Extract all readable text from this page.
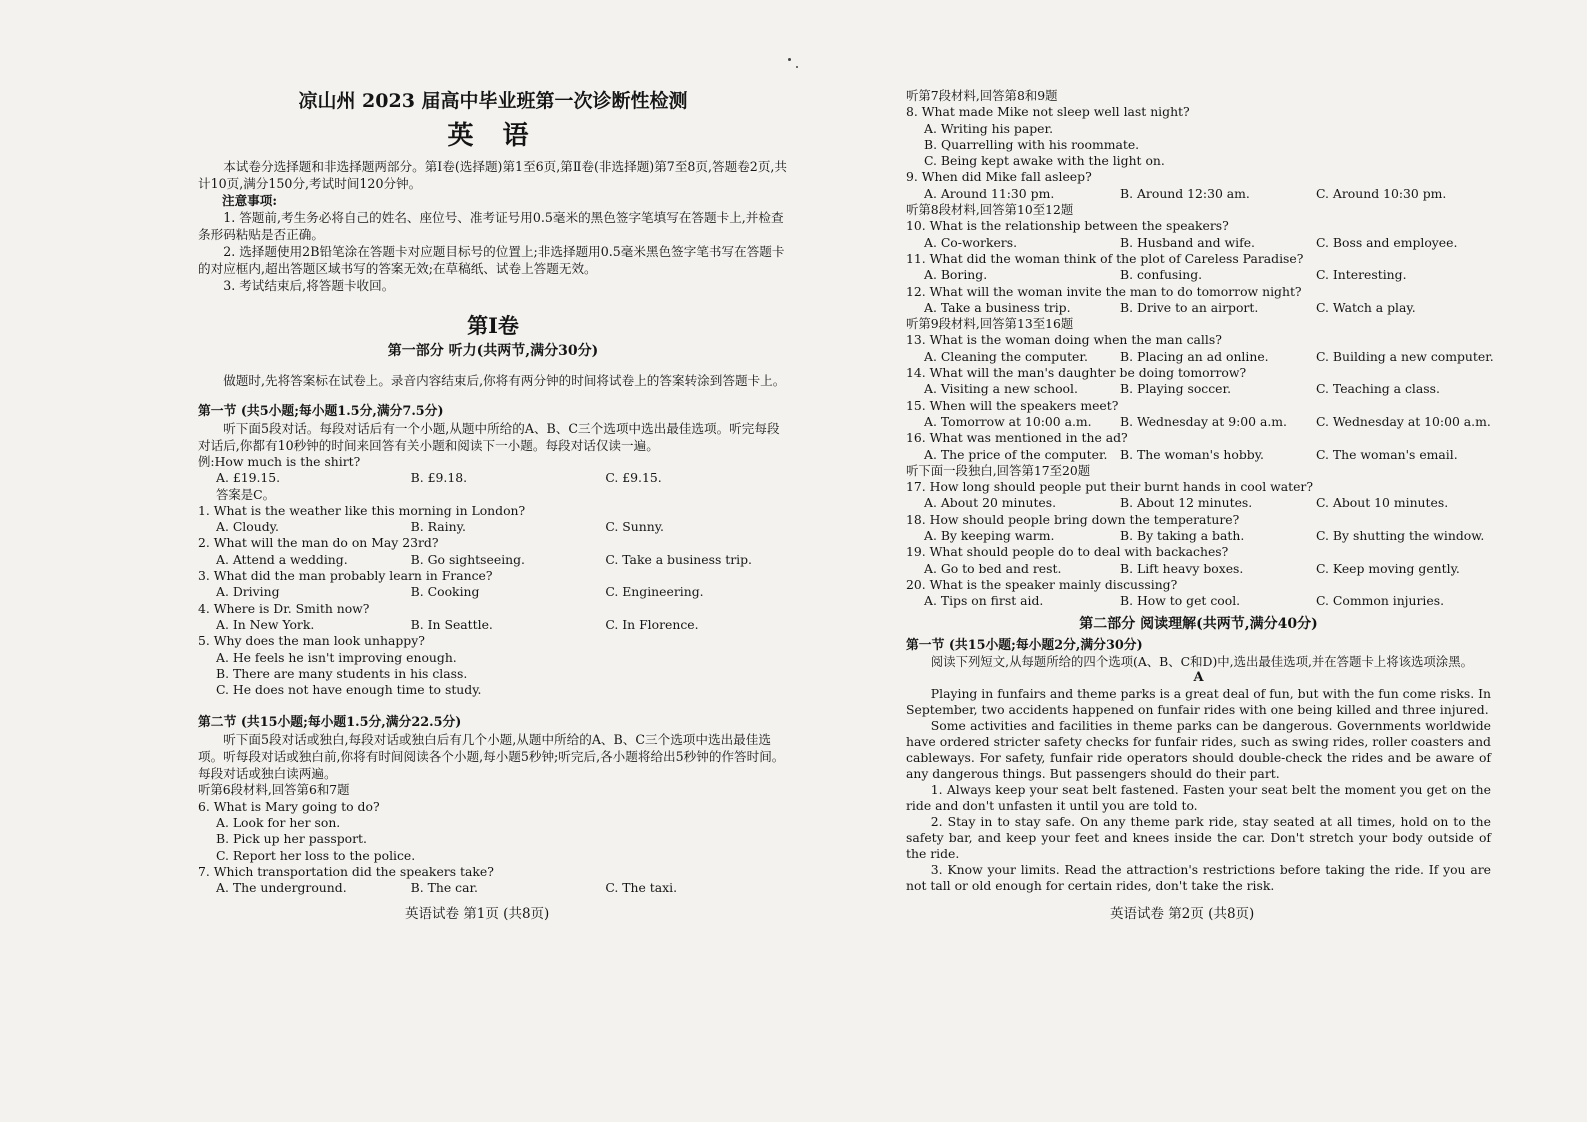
凉山州 2023 届高中毕业班第一次诊断性检测

英 语

本试卷分选择题和非选择题两部分。第Ⅰ卷(选择题)第1至6页,第Ⅱ卷(非选择题)第7至8页,答题卷2页,共计10页,满分150分,考试时间120分钟。

注意事项:

1. 答题前,考生务必将自己的姓名、座位号、准考证号用0.5毫米的黑色签字笔填写在答题卡上,并检查条形码粘贴是否正确。

2. 选择题使用2B铅笔涂在答题卡对应题目标号的位置上;非选择题用0.5毫米黑色签字笔书写在答题卡的对应框内,超出答题区域书写的答案无效;在草稿纸、试卷上答题无效。

3. 考试结束后,将答题卡收回。

第Ⅰ卷

第一部分 听力(共两节,满分30分)

做题时,先将答案标在试卷上。录音内容结束后,你将有两分钟的时间将试卷上的答案转涂到答题卡上。

第一节 (共5小题;每小题1.5分,满分7.5分)

听下面5段对话。每段对话后有一个小题,从题中所给的A、B、C三个选项中选出最佳选项。听完每段对话后,你都有10秒钟的时间来回答有关小题和阅读下一小题。每段对话仅读一遍。

例:How much is the shirt?
A. £19.15.	B. £9.18.	C. £9.15.
答案是C。
1. What is the weather like this morning in London?
A. Cloudy.	B. Rainy.	C. Sunny.
2. What will the man do on May 23rd?
A. Attend a wedding.	B. Go sightseeing.	C. Take a business trip.
3. What did the man probably learn in France?
A. Driving	B. Cooking	C. Engineering.
4. Where is Dr. Smith now?
A. In New York.	B. In Seattle.	C. In Florence.
5. Why does the man look unhappy?
A. He feels he isn't improving enough.
B. There are many students in his class.
C. He does not have enough time to study.

第二节 (共15小题;每小题1.5分,满分22.5分)

听下面5段对话或独白,每段对话或独白后有几个小题,从题中所给的A、B、C三个选项中选出最佳选项。听每段对话或独白前,你将有时间阅读各个小题,每小题5秒钟;听完后,各小题将给出5秒钟的作答时间。每段对话或独白读两遍。

听第6段材料,回答第6和7题
6. What is Mary going to do?
A. Look for her son.
B. Pick up her passport.
C. Report her loss to the police.
7. Which transportation did the speakers take?
A. The underground.	B. The car.	C. The taxi.
英语试卷 第1页 (共8页)
听第7段材料,回答第8和9题
8. What made Mike not sleep well last night?
A. Writing his paper.
B. Quarrelling with his roommate.
C. Being kept awake with the light on.
9. When did Mike fall asleep?
A. Around 11:30 pm.	B. Around 12:30 am.	C. Around 10:30 pm.
听第8段材料,回答第10至12题
10. What is the relationship between the speakers?
A. Co-workers.	B. Husband and wife.	C. Boss and employee.
11. What did the woman think of the plot of Careless Paradise?
A. Boring.	B. confusing.	C. Interesting.
12. What will the woman invite the man to do tomorrow night?
A. Take a business trip.	B. Drive to an airport.	C. Watch a play.
听第9段材料,回答第13至16题
13. What is the woman doing when the man calls?
A. Cleaning the computer.	B. Placing an ad online.	C. Building a new computer.
14. What will the man's daughter be doing tomorrow?
A. Visiting a new school.	B. Playing soccer.	C. Teaching a class.
15. When will the speakers meet?
A. Tomorrow at 10:00 a.m.	B. Wednesday at 9:00 a.m.	C. Wednesday at 10:00 a.m.
16. What was mentioned in the ad?
A. The price of the computer.	B. The woman's hobby.	C. The woman's email.
听下面一段独白,回答第17至20题
17. How long should people put their burnt hands in cool water?
A. About 20 minutes.	B. About 12 minutes.	C. About 10 minutes.
18. How should people bring down the temperature?
A. By keeping warm.	B. By taking a bath.	C. By shutting the window.
19. What should people do to deal with backaches?
A. Go to bed and rest.	B. Lift heavy boxes.	C. Keep moving gently.
20. What is the speaker mainly discussing?
A. Tips on first aid.	B. How to get cool.	C. Common injuries.

第二部分 阅读理解(共两节,满分40分)

第一节 (共15小题;每小题2分,满分30分)

阅读下列短文,从每题所给的四个选项(A、B、C和D)中,选出最佳选项,并在答题卡上将该选项涂黑。

A

Playing in funfairs and theme parks is a great deal of fun, but with the fun come risks. In September, two accidents happened on funfair rides with one being killed and three injured.

Some activities and facilities in theme parks can be dangerous. Governments worldwide have ordered stricter safety checks for funfair rides, such as swing rides, roller coasters and cableways. For safety, funfair ride operators should double-check the rides and be aware of any dangerous things. But passengers should do their part.

1. Always keep your seat belt fastened. Fasten your seat belt the moment you get on the ride and don't unfasten it until you are told to.

2. Stay in to stay safe. On any theme park ride, stay seated at all times, hold on to the safety bar, and keep your feet and knees inside the car. Don't stretch your body outside of the ride.

3. Know your limits. Read the attraction's restrictions before taking the ride. If you are not tall or old enough for certain rides, don't take the risk.

英语试卷 第2页 (共8页)
